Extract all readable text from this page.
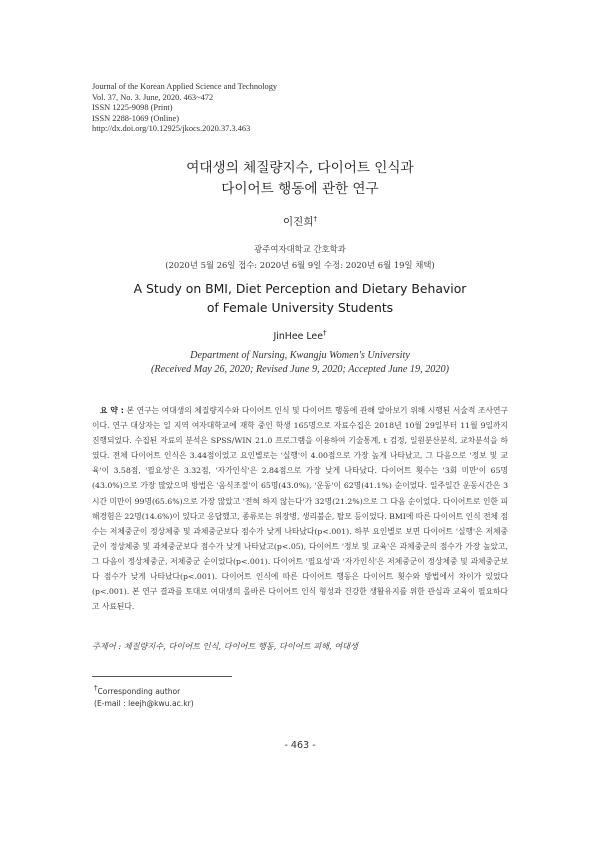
Journal of the Korean Applied Science and Technology
Vol. 37, No. 3. June, 2020. 463~472
ISSN 1225-9098 (Print)
ISSN 2288-1069 (Online)
http://dx.doi.org/10.12925/jkocs.2020.37.3.463
여대생의 체질량지수, 다이어트 인식과
다이어트 행동에 관한 연구
이진희†
광주여자대학교 간호학과
(2020년 5월 26일 접수: 2020년 6월 9일 수정: 2020년 6월 19일 채택)
A Study on BMI, Diet Perception and Dietary Behavior
of Female University Students
JinHee Lee†
Department of Nursing, Kwangju Women's University
(Received May 26, 2020; Revised June 9, 2020; Accepted June 19, 2020)
요 약 : 본 연구는 여대생의 체질량지수와 다이어트 인식 및 다이어트 행동에 관해 알아보기 위해 시행된 서술적 조사연구이다. 연구 대상자는 일 지역 여자대학교에 재학 중인 학생 165명으로 자료수집은 2018년 10월 29일부터 11월 9일까지 진행되었다. 수집된 자료의 분석은 SPSS/WIN 21.0 프로그램을 이용하여 기술통계, t 검정, 일원분산분석, 교차분석을 하였다. 전체 다이어트 인식은 3.44점이었고 요인별로는 '실행'이 4.00점으로 가장 높게 나타났고, 그 다음으로 '정보 및 교육'이 3.58점, '필요성'은 3.32점, '자가인식'은 2.84점으로 가장 낮게 나타났다. 다이어트 횟수는 '3회 미만'이 65명(43.0%)으로 가장 많았으며 방법은 '음식조절'이 65명(43.0%), '운동'이 62명(41.1%) 순이었다. 일주일간 운동시간은 3시간 미만이 99명(65.6%)으로 가장 많았고 '전혀 하지 않는다'가 32명(21.2%)으로 그 다음 순이었다. 다이어트로 인한 피해경험은 22명(14.6%)이 있다고 응답했고, 종류로는 위장병, 생리불순, 탈모 등이었다. BMI에 따른 다이어트 인식 전체 점수는 저체중군이 정상체중 및 과체중군보다 점수가 낮게 나타났다(p<.001). 하부 요인별로 보면 다이어트 '실행'은 저체중군이 정상체중 및 과체중군보다 점수가 낮게 나타났고(p<.05), 다이어트 '정보 및 교육'은 과체중군의 점수가 가장 높았고, 그 다음이 정상체중군, 저체중군 순이었다(p<.001). 다이어트 '필요성'과 '자가인식'은 저체중군이 정상체중 및 과체중군보다 점수가 낮게 나타났다(p<.001). 다이어트 인식에 따른 다이어트 행동은 다이어트 횟수와 방법에서 차이가 있었다(p<.001). 본 연구 결과를 토대로 여대생의 올바른 다이어트 인식 형성과 건강한 생활유지를 위한 관심과 교육이 필요하다고 사료된다.
주제어 : 체질량지수, 다이어트 인식, 다이어트 행동, 다이어트 피해, 여대생
†Corresponding author
(E-mail : leejh@kwu.ac.kr)
- 463 -
